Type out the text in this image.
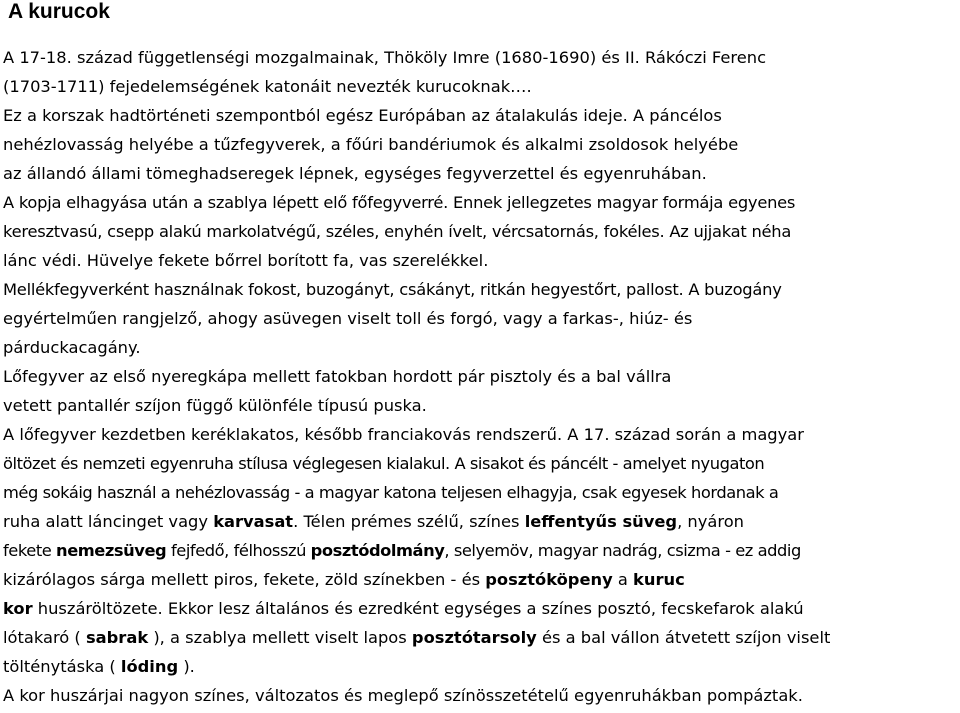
A kurucok
A 17-18. század függetlenségi mozgalmainak, Thököly Imre (1680-1690) és II. Rákóczi Ferenc
(1703-1711) fejedelemségének katonáit nevezték kurucoknak….
Ez a korszak hadtörténeti szempontból egész Európában az átalakulás ideje. A páncélos
nehézlovasság helyébe a tűzfegyverek, a főúri bandériumok és alkalmi zsoldosok helyébe
az állandó állami tömeghadseregek lépnek, egységes fegyverzettel és egyenruhában.
A kopja elhagyása után a szablya lépett elő főfegyverré. Ennek jellegzetes magyar formája egyenes
keresztvasú, csepp alakú markolatvégű, széles, enyhén ívelt, vércsatornás, fokéles. Az ujjakat néha
lánc védi. Hüvelye fekete bőrrel borított fa, vas szerelékkel.
Mellékfegyverként használnak fokost, buzogányt, csákányt, ritkán hegyestőrt, pallost. A buzogány
egyértelműen rangjelző, ahogy asüvegen viselt toll és forgó, vagy a farkas-, hiúz- és
párduckacagány.
Lőfegyver az első nyeregkápa mellett fatokban hordott pár pisztoly és a bal vállra
vetett pantallér szíjon függő különféle típusú puska.
A lőfegyver kezdetben keréklakatos, később franciakovás rendszerű. A 17. század során a magyar
öltözet és nemzeti egyenruha stílusa véglegesen kialakul. A sisakot és páncélt - amelyet nyugaton
még sokáig használ a nehézlovasság - a magyar katona teljesen elhagyja, csak egyesek hordanak a
ruha alatt láncinget vagy karvasat. Télen prémes szélű, színes leffentyűs süveg, nyáron
fekete nemezsüveg fejfedő, félhosszú posztódolmány, selyemöv, magyar nadrág, csizma - ez addig
kizárólagos sárga mellett piros, fekete, zöld színekben - és posztóköpeny a kuruc
kor huszáröltözete. Ekkor lesz általános és ezredként egységes a színes posztó, fecskefarok alakú
lótakaró ( sabrak ), a szablya mellett viselt lapos posztótarsoly és a bal vállon átvetett szíjon viselt
tölténytáska ( lóding ).
A kor huszárjai nagyon színes, változatos és meglepő színösszetételű egyenruhákban pompáztak.
